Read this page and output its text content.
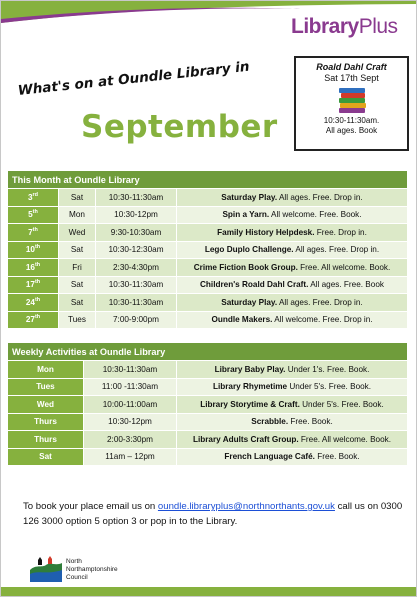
LibraryPlus
What's on at Oundle Library in
September
Roald Dahl Craft
Sat 17th Sept
10:30-11:30am.
All ages. Book
This Month at Oundle Library			
3rd	Sat	10:30-11:30am	Saturday Play. All ages. Free. Drop in.
5th	Mon	10:30-12pm	Spin a Yarn. All welcome. Free. Book.
7th	Wed	9:30-10:30am	Family History Helpdesk. Free. Drop in.
10th	Sat	10:30-12:30am	Lego Duplo Challenge. All ages. Free. Drop in.
16th	Fri	2:30-4:30pm	Crime Fiction Book Group. Free. All welcome. Book.
17th	Sat	10:30-11:30am	Children's Roald Dahl Craft. All ages. Free. Book
24th	Sat	10:30-11:30am	Saturday Play. All ages. Free. Drop in.
27th	Tues	7:00-9:00pm	Oundle Makers. All welcome. Free. Drop in.
Weekly Activities at Oundle Library		
Mon	10:30-11:30am	Library Baby Play. Under 1's. Free. Book.
Tues	11:00 -11:30am	Library Rhymetime Under 5's. Free. Book.
Wed	10:00-11:00am	Library Storytime & Craft. Under 5's. Free. Book.
Thurs	10:30-12pm	Scrabble. Free. Book.
Thurs	2:00-3:30pm	Library Adults Craft Group. Free. All welcome. Book.
Sat	11am – 12pm	French Language Café. Free. Book.
To book your place email us on oundle.libraryplus@northnorthants.gov.uk call us on 0300 126 3000 option 5 option 3 or pop in to the Library.
North
Northamptonshire
Council
